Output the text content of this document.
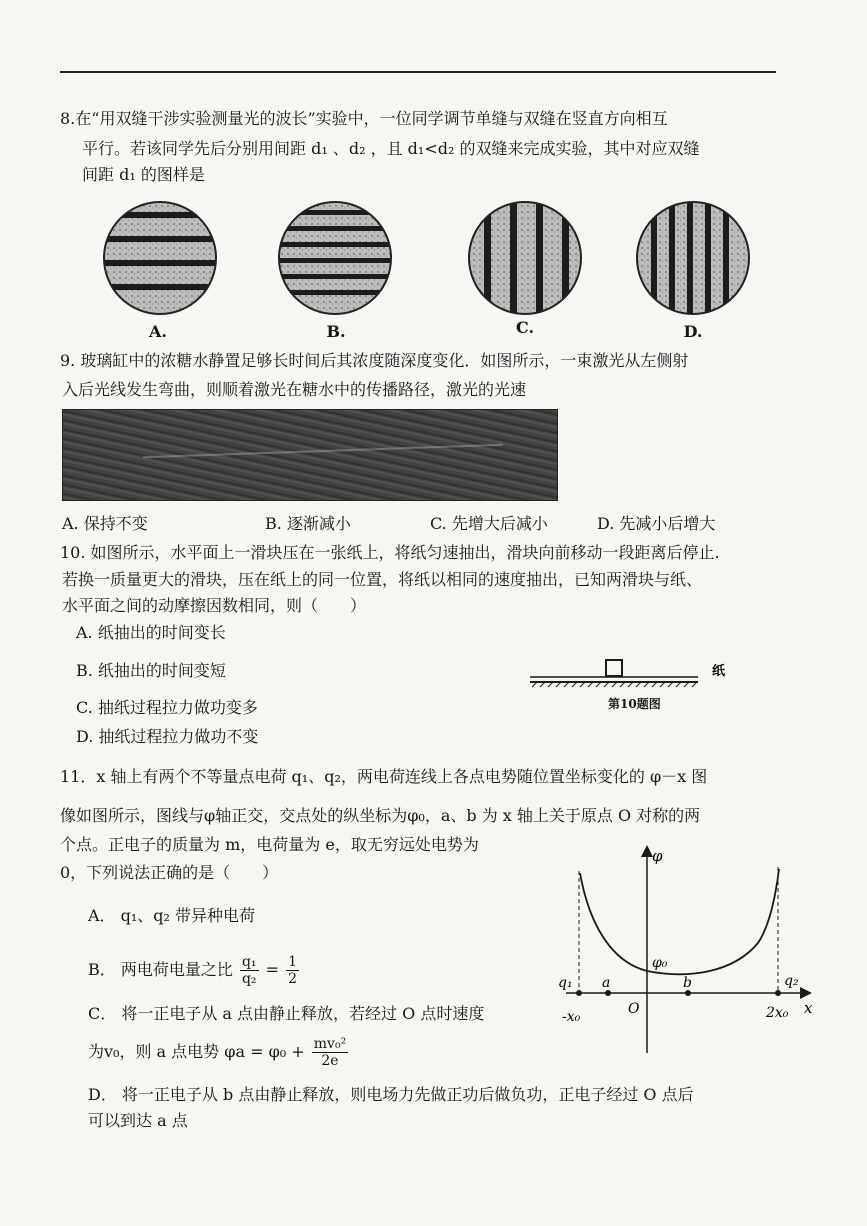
8.在“用双缝干涉实验测量光的波长”实验中，一位同学调节单缝与双缝在竖直方向相互
平行。若该同学先后分别用间距 d₁ 、d₂ ，且 d₁<d₂ 的双缝来完成实验，其中对应双缝
间距 d₁ 的图样是
A.	B.	C.	D.
9. 玻璃缸中的浓糖水静置足够长时间后其浓度随深度变化．如图所示，一束激光从左侧射
入后光线发生弯曲，则顺着激光在糖水中的传播路径，激光的光速
A. 保持不变	B. 逐渐减小	C. 先增大后减小	D. 先减小后增大
10. 如图所示，水平面上一滑块压在一张纸上，将纸匀速抽出，滑块向前移动一段距离后停止.
若换一质量更大的滑块，压在纸上的同一位置，将纸以相同的速度抽出，已知两滑块与纸、
水平面之间的动摩擦因数相同，则（　　）
A. 纸抽出的时间变长
B. 纸抽出的时间变短
C. 抽纸过程拉力做功变多
D. 抽纸过程拉力做功不变
纸
第10题图
11．x 轴上有两个不等量点电荷 q₁、q₂，两电荷连线上各点电势随位置坐标变化的 φ－x 图
像如图所示，图线与φ轴正交，交点处的纵坐标为φ₀，a、b 为 x 轴上关于原点 O 对称的两
个点。正电子的质量为 m，电荷量为 e，取无穷远处电势为
0，下列说法正确的是（　　）
A． q₁、q₂ 带异种电荷
B． 两电荷电量之比 $\frac{\text{q₁}}{\text{q₂}} = \frac{1}{2}$
C． 将一正电子从 a 点由静止释放，若经过 O 点时速度
为v₀，则 a 点电势 $\varphi a = \varphi_0 + \frac{\text{mv₀²}}{2e}$
D． 将一正电子从 b 点由静止释放，则电场力先做正功后做负功，正电子经过 O 点后
可以到达 a 点
φ
x
φ₀
q₁	q₂
a	b
O
-x₀	2x₀
